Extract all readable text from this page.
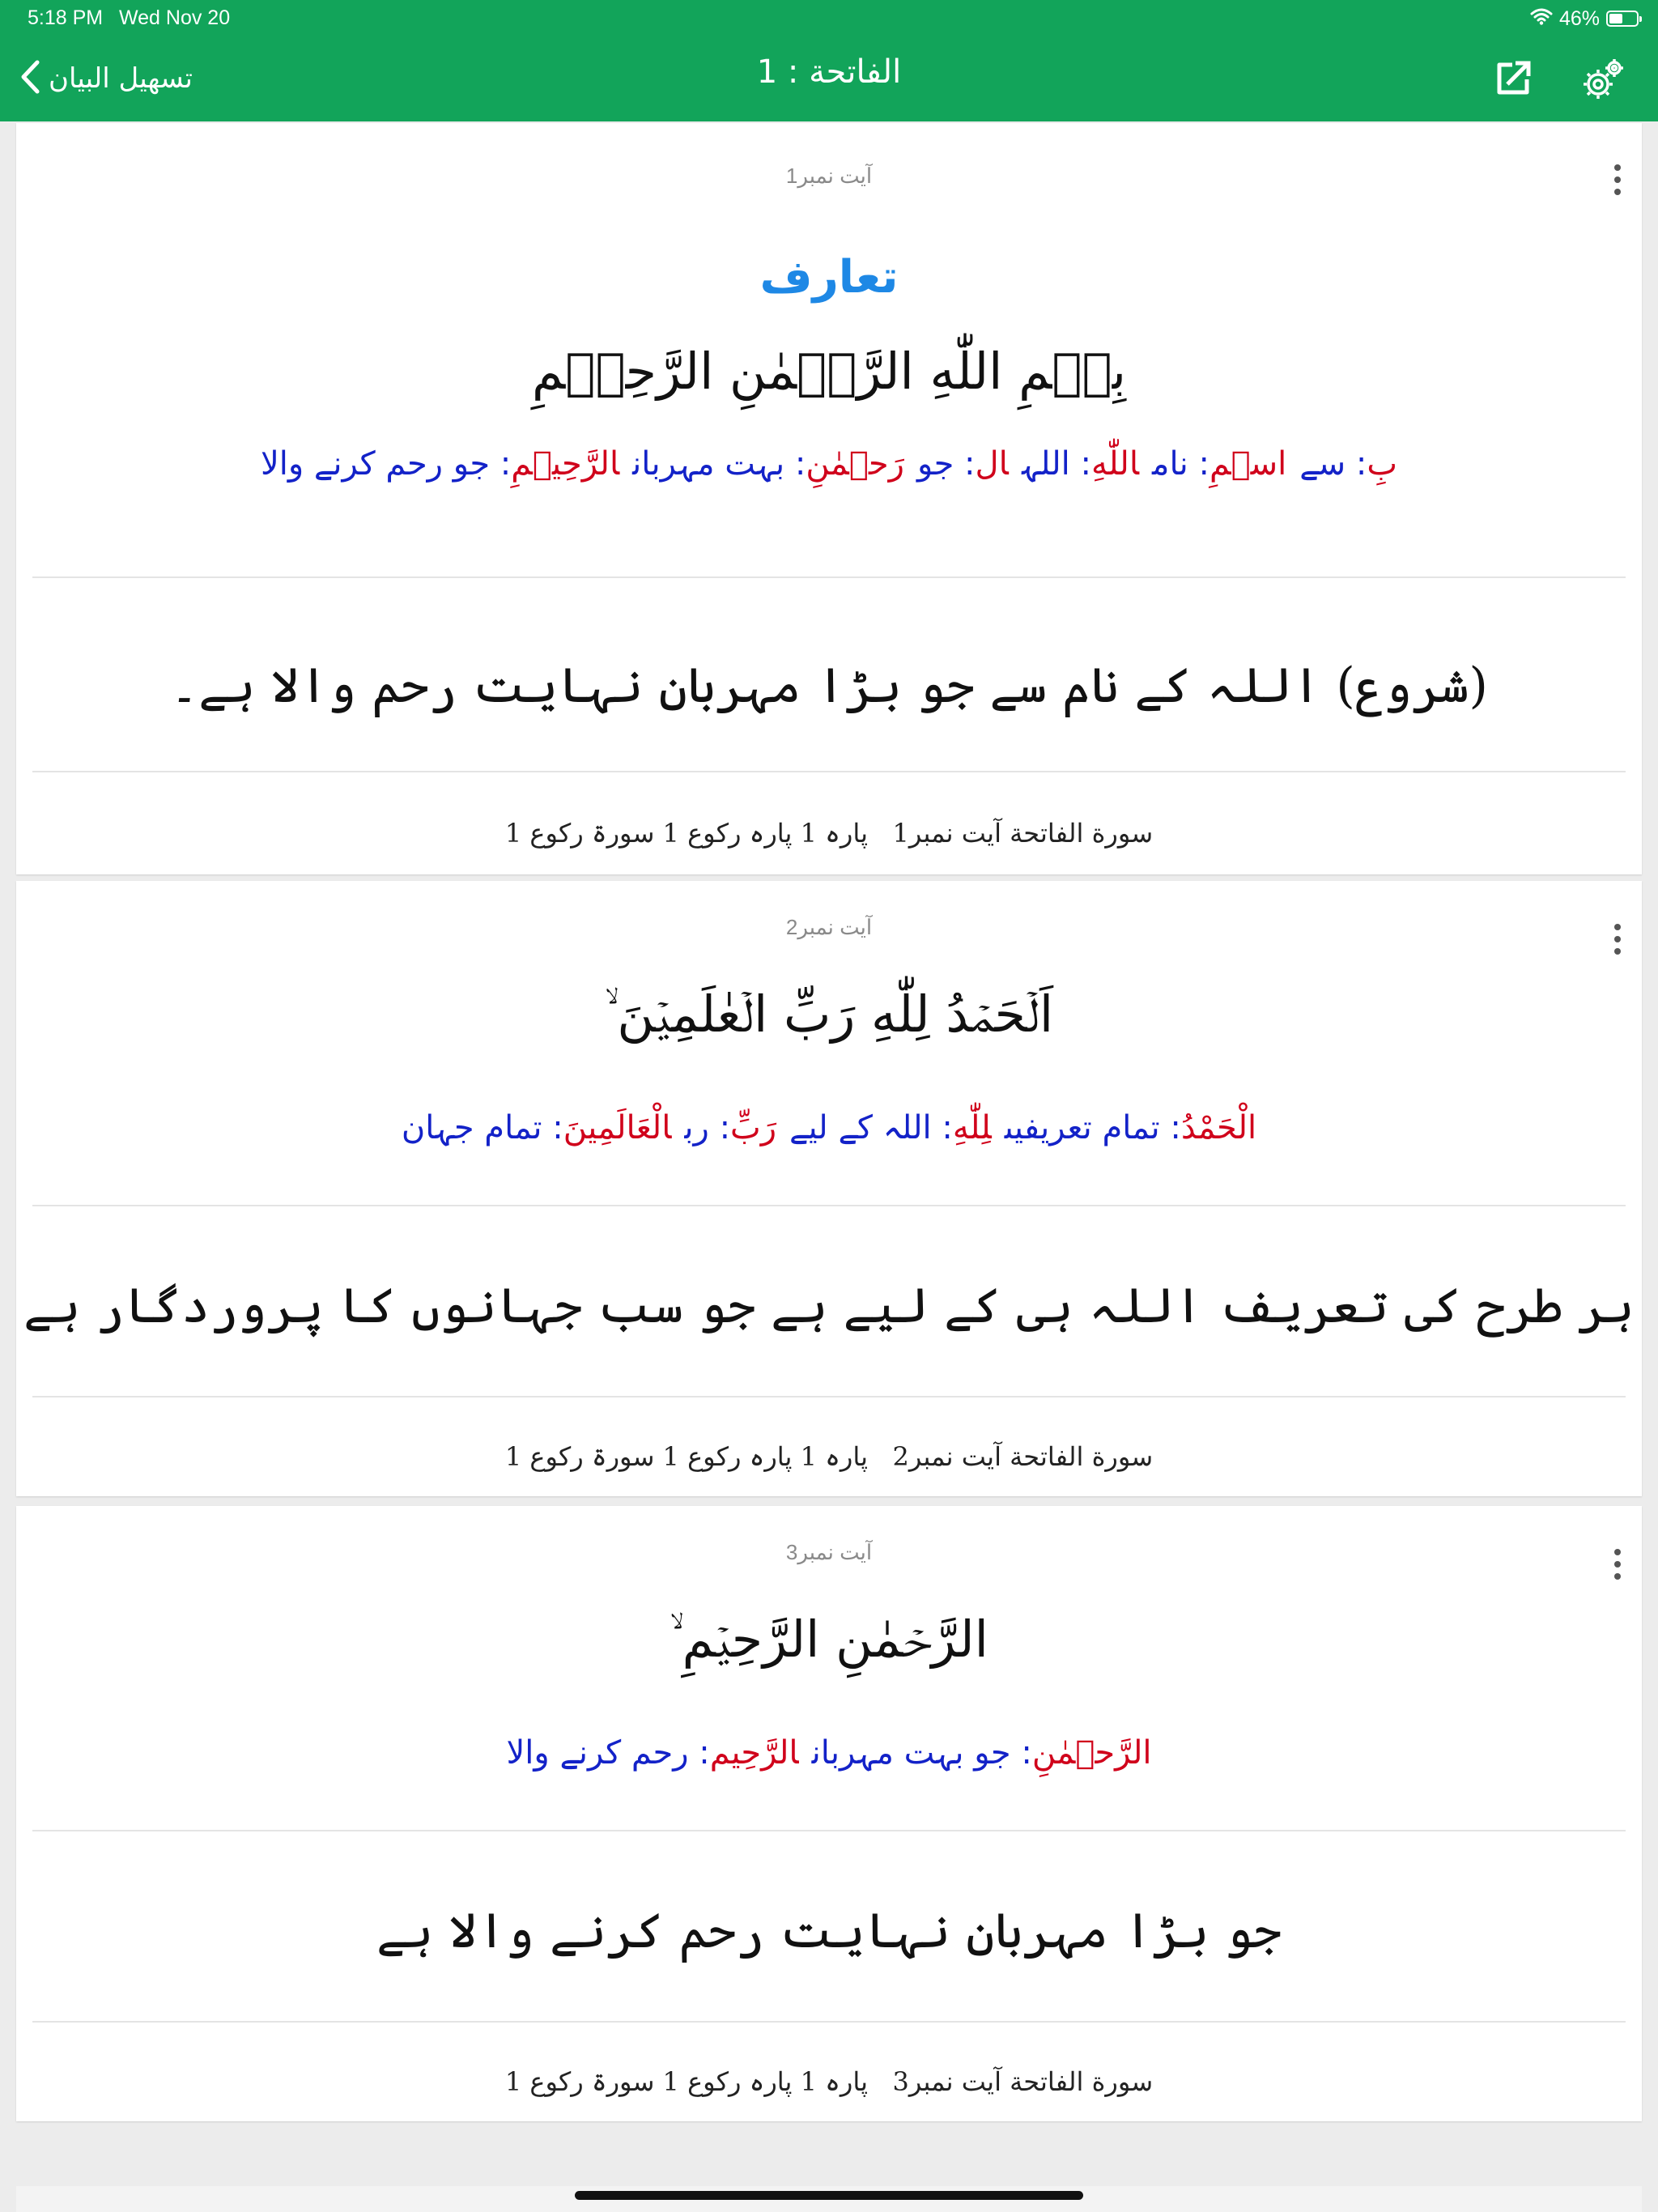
5:18 PM Wed Nov 20	46%
تسهیل البیان	الفاتحة : 1
آیت نمبر1
تعارف
بِسۡمِ اللّٰهِ الرَّحۡمٰنِ الرَّحِيۡمِ
بِ: سےاسۡمِ: ناماللّٰهِ: اللہال: جورَحۡمٰنِ: بہت مہربانالرَّحِيۡمِ: جو رحم کرنے والا
(شروع) اللہ کے نام سے جو بڑا مہربان نہایت رحم والا ہے۔
سورة الفاتحة آیت نمبر1   پارہ 1 پارہ رکوع 1 سورۃ رکوع 1
آیت نمبر2
اَلۡحَمۡدُ لِلّٰهِ رَبِّ الۡعٰلَمِيۡنَ ۙ
الْحَمْدُ: تمام تعریفیںلِلّٰهِ: اللہ کے لیےرَبِّ: ربالْعَالَمِينَ: تمام جہان
ہر طرح کی تعریف اللہ ہی کے لیے ہے جو سب جہانوں کا پروردگار ہے
سورة الفاتحة آیت نمبر2   پارہ 1 پارہ رکوع 1 سورۃ رکوع 1
آیت نمبر3
الرَّحۡمٰنِ الرَّحِيۡمِ ۙ
الرَّحۡمٰنِ: جو بہت مہربانالرَّحِيم: رحم کرنے والا
جو بڑا مہربان نہایت رحم کرنے والا ہے
سورة الفاتحة آیت نمبر3   پارہ 1 پارہ رکوع 1 سورۃ رکوع 1
